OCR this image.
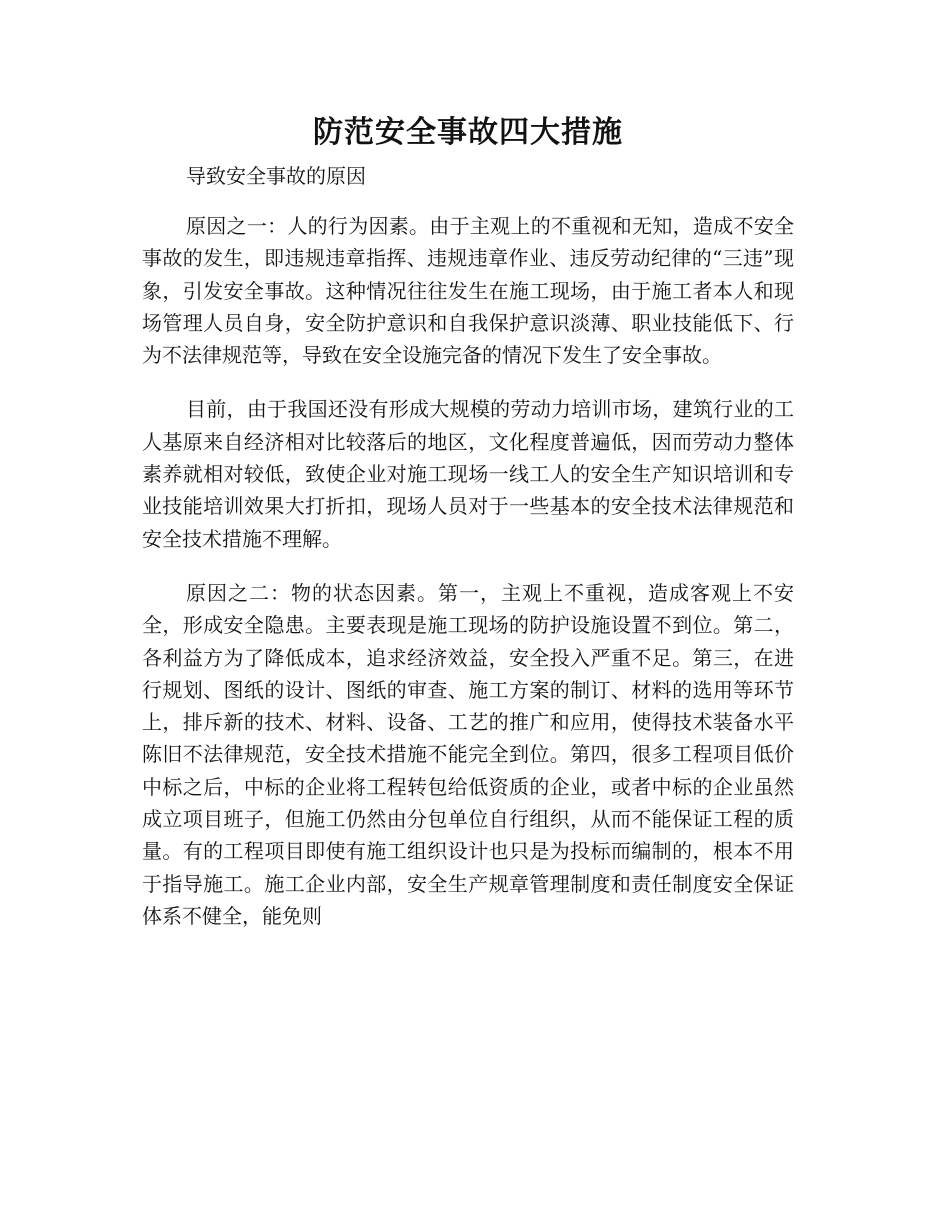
防范安全事故四大措施

导致安全事故的原因

原因之一：人的行为因素。由于主观上的不重视和无知，造成不安全事故的发生，即违规违章指挥、违规违章作业、违反劳动纪律的“三违”现象，引发安全事故。这种情况往往发生在施工现场，由于施工者本人和现场管理人员自身，安全防护意识和自我保护意识淡薄、职业技能低下、行为不法律规范等，导致在安全设施完备的情况下发生了安全事故。

目前，由于我国还没有形成大规模的劳动力培训市场，建筑行业的工人基原来自经济相对比较落后的地区，文化程度普遍低，因而劳动力整体素养就相对较低，致使企业对施工现场一线工人的安全生产知识培训和专业技能培训效果大打折扣，现场人员对于一些基本的安全技术法律规范和安全技术措施不理解。

原因之二：物的状态因素。第一，主观上不重视，造成客观上不安全，形成安全隐患。主要表现是施工现场的防护设施设置不到位。第二，各利益方为了降低成本，追求经济效益，安全投入严重不足。第三，在进行规划、图纸的设计、图纸的审查、施工方案的制订、材料的选用等环节上，排斥新的技术、材料、设备、工艺的推广和应用，使得技术装备水平陈旧不法律规范，安全技术措施不能完全到位。第四，很多工程项目低价中标之后，中标的企业将工程转包给低资质的企业，或者中标的企业虽然成立项目班子，但施工仍然由分包单位自行组织，从而不能保证工程的质量。有的工程项目即使有施工组织设计也只是为投标而编制的，根本不用于指导施工。施工企业内部，安全生产规章管理制度和责任制度安全保证体系不健全，能免则
